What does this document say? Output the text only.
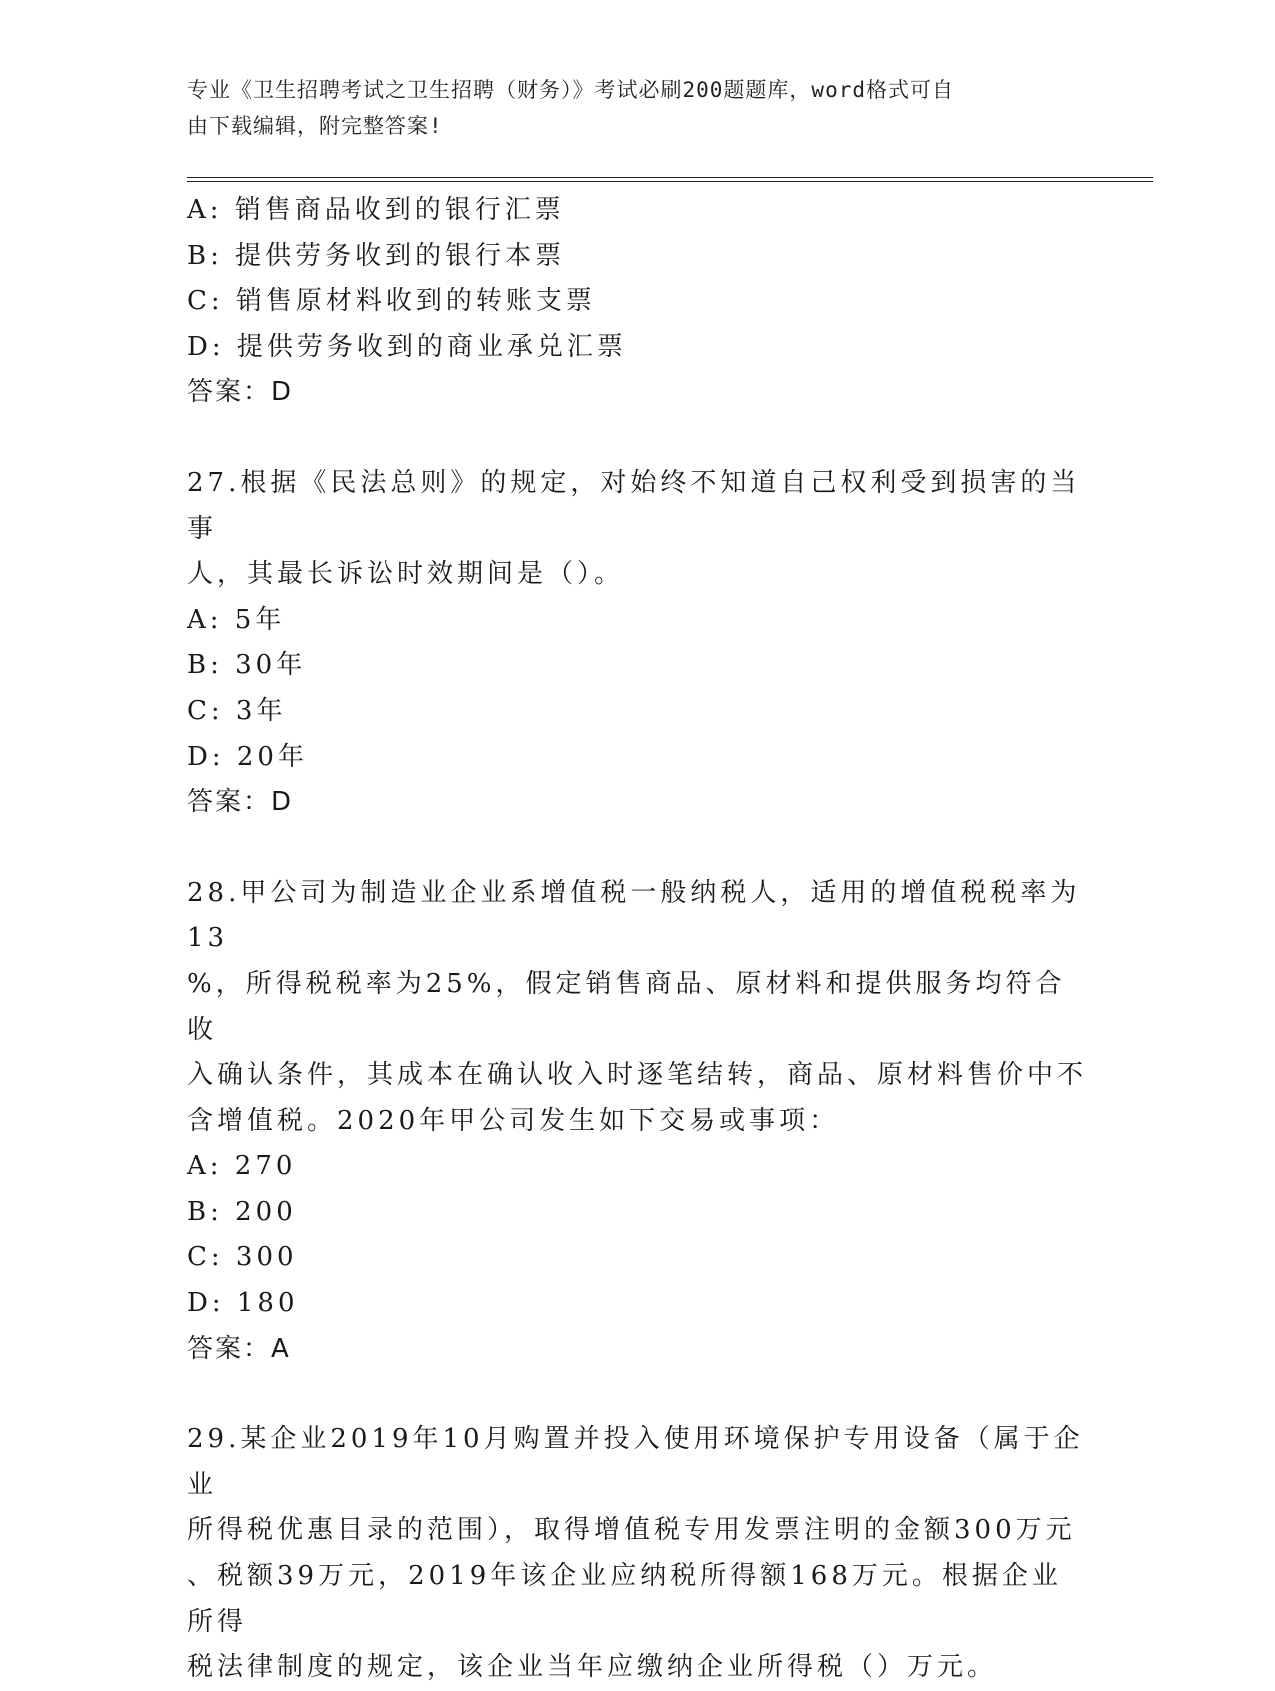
专业《卫生招聘考试之卫生招聘（财务）》考试必刷200题题库，word格式可自
由下载编辑，附完整答案!
A: 销售商品收到的银行汇票
B: 提供劳务收到的银行本票
C: 销售原材料收到的转账支票
D: 提供劳务收到的商业承兑汇票
答案：D
27.根据《民法总则》的规定，对始终不知道自己权利受到损害的当事
人，其最长诉讼时效期间是（）。
A: 5年
B: 30年
C: 3年
D: 20年
答案：D
28.甲公司为制造业企业系增值税一般纳税人，适用的增值税税率为13
%，所得税税率为25%，假定销售商品、原材料和提供服务均符合收
入确认条件，其成本在确认收入时逐笔结转，商品、原材料售价中不
含增值税。2020年甲公司发生如下交易或事项：
A: 270
B: 200
C: 300
D: 180
答案：A
29.某企业2019年10月购置并投入使用环境保护专用设备（属于企业
所得税优惠目录的范围），取得增值税专用发票注明的金额300万元
、税额39万元，2019年该企业应纳税所得额168万元。根据企业所得
税法律制度的规定，该企业当年应缴纳企业所得税（）万元。
